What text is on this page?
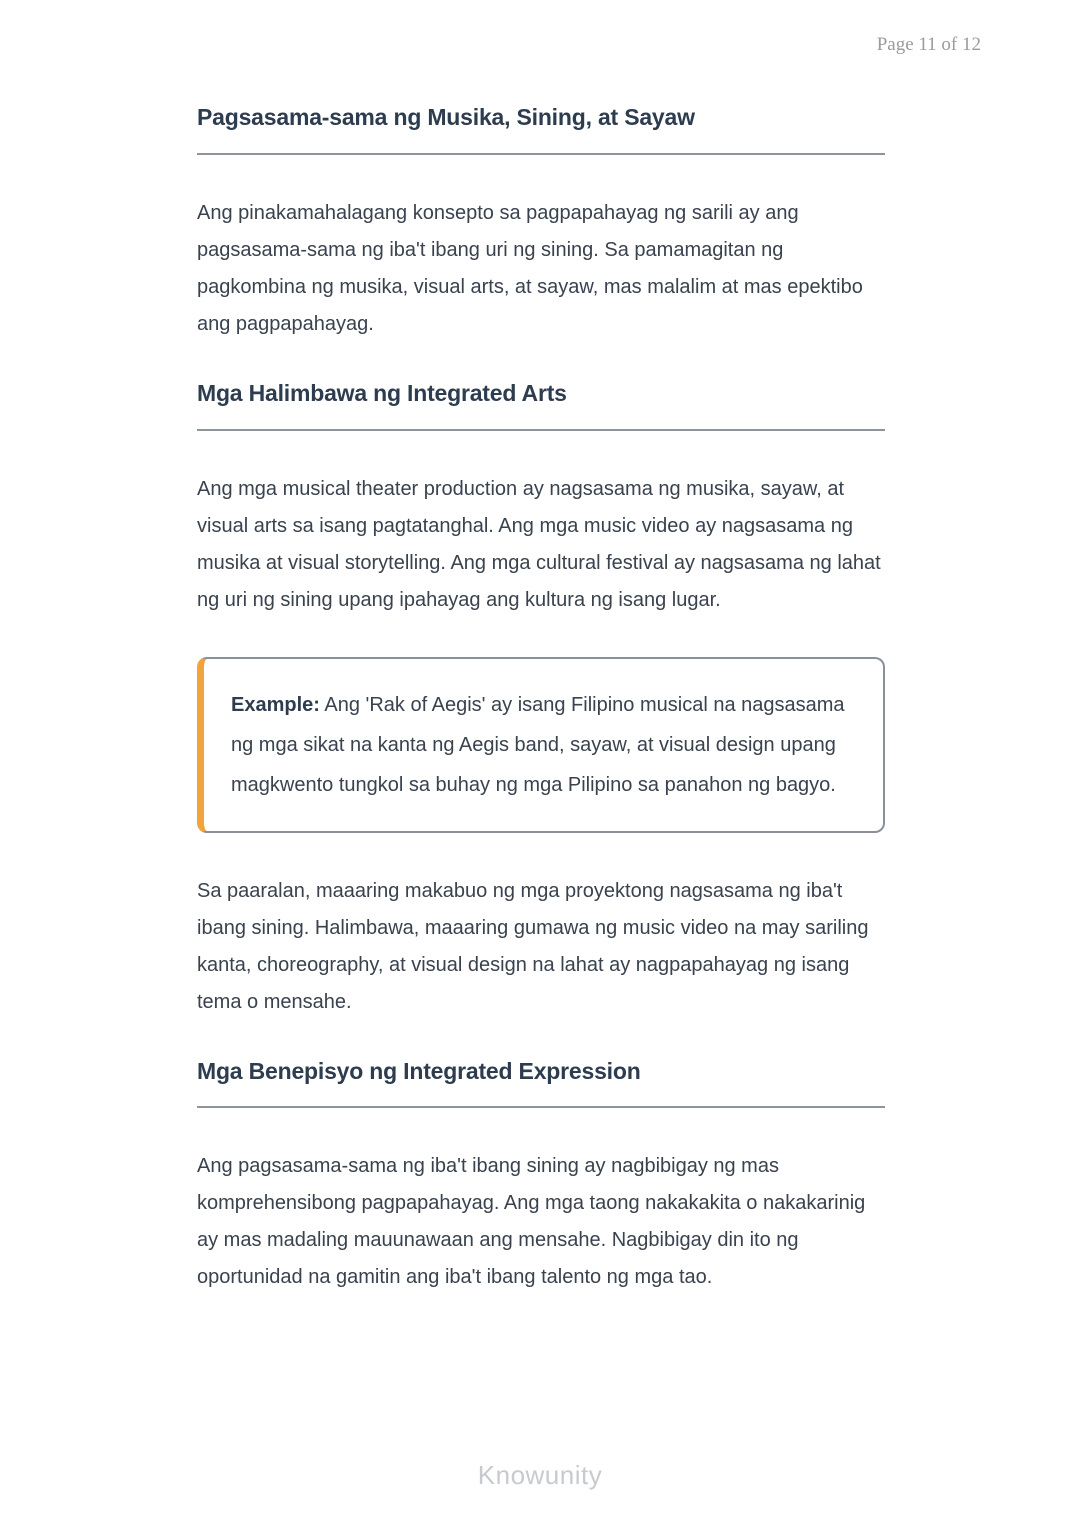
Page 11 of 12
Pagsasama-sama ng Musika, Sining, at Sayaw

Ang pinakamahalagang konsepto sa pagpapahayag ng sarili ay ang pagsasama-sama ng iba't ibang uri ng sining. Sa pamamagitan ng pagkombina ng musika, visual arts, at sayaw, mas malalim at mas epektibo ang pagpapahayag.

Mga Halimbawa ng Integrated Arts

Ang mga musical theater production ay nagsasama ng musika, sayaw, at visual arts sa isang pagtatanghal. Ang mga music video ay nagsasama ng musika at visual storytelling. Ang mga cultural festival ay nagsasama ng lahat ng uri ng sining upang ipahayag ang kultura ng isang lugar.

Example: Ang 'Rak of Aegis' ay isang Filipino musical na nagsasama ng mga sikat na kanta ng Aegis band, sayaw, at visual design upang magkwento tungkol sa buhay ng mga Pilipino sa panahon ng bagyo.

Sa paaralan, maaaring makabuo ng mga proyektong nagsasama ng iba't ibang sining. Halimbawa, maaaring gumawa ng music video na may sariling kanta, choreography, at visual design na lahat ay nagpapahayag ng isang tema o mensahe.

Mga Benepisyo ng Integrated Expression

Ang pagsasama-sama ng iba't ibang sining ay nagbibigay ng mas komprehensibong pagpapahayag. Ang mga taong nakakakita o nakakarinig ay mas madaling mauunawaan ang mensahe. Nagbibigay din ito ng oportunidad na gamitin ang iba't ibang talento ng mga tao.

Knowunity
